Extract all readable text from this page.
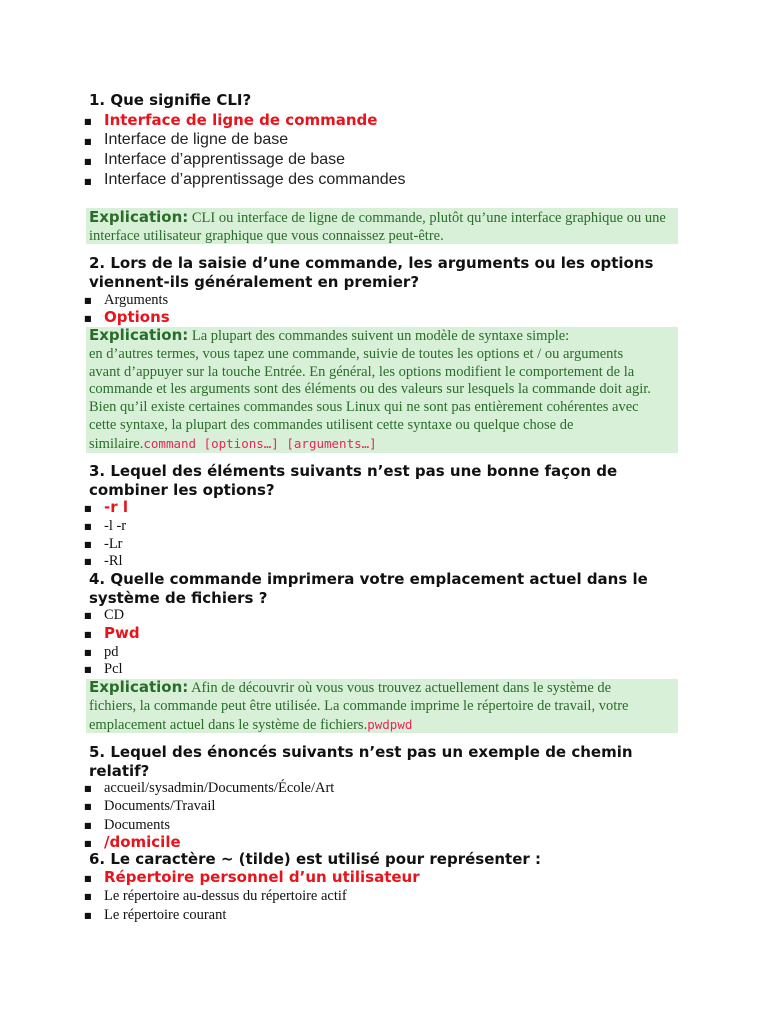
1. Que signifie CLI?
■ Interface de ligne de commande
■ Interface de ligne de base
■ Interface d’apprentissage de base
■ Interface d’apprentissage des commandes
Explication: CLI ou interface de ligne de commande, plutôt qu’une interface graphique ou une interface utilisateur graphique que vous connaissez peut-être.
2. Lors de la saisie d’une commande, les arguments ou les options viennent-ils généralement en premier?
■ Arguments
■ Options
Explication: La plupart des commandes suivent un modèle de syntaxe simple:
en d’autres termes, vous tapez une commande, suivie de toutes les options et / ou arguments
avant d’appuyer sur la touche Entrée. En général, les options modifient le comportement de la
commande et les arguments sont des éléments ou des valeurs sur lesquels la commande doit agir.
Bien qu’il existe certaines commandes sous Linux qui ne sont pas entièrement cohérentes avec
cette syntaxe, la plupart des commandes utilisent cette syntaxe ou quelque chose de
similaire.command [options…] [arguments…]
3. Lequel des éléments suivants n’est pas une bonne façon de combiner les options?
■ -r l
■ -l -r
■ -Lr
■ -Rl
4. Quelle commande imprimera votre emplacement actuel dans le système de fichiers ?
■ CD
■ Pwd
■ pd
■ Pcl
Explication: Afin de découvrir où vous vous trouvez actuellement dans le système de
fichiers, la commande peut être utilisée. La commande imprime le répertoire de travail, votre
emplacement actuel dans le système de fichiers.pwdpwd
5. Lequel des énoncés suivants n’est pas un exemple de chemin relatif?
■ accueil/sysadmin/Documents/École/Art
■ Documents/Travail
■ Documents
■ /domicile
6. Le caractère ~ (tilde) est utilisé pour représenter :
■ Répertoire personnel d’un utilisateur
■ Le répertoire au-dessus du répertoire actif
■ Le répertoire courant
